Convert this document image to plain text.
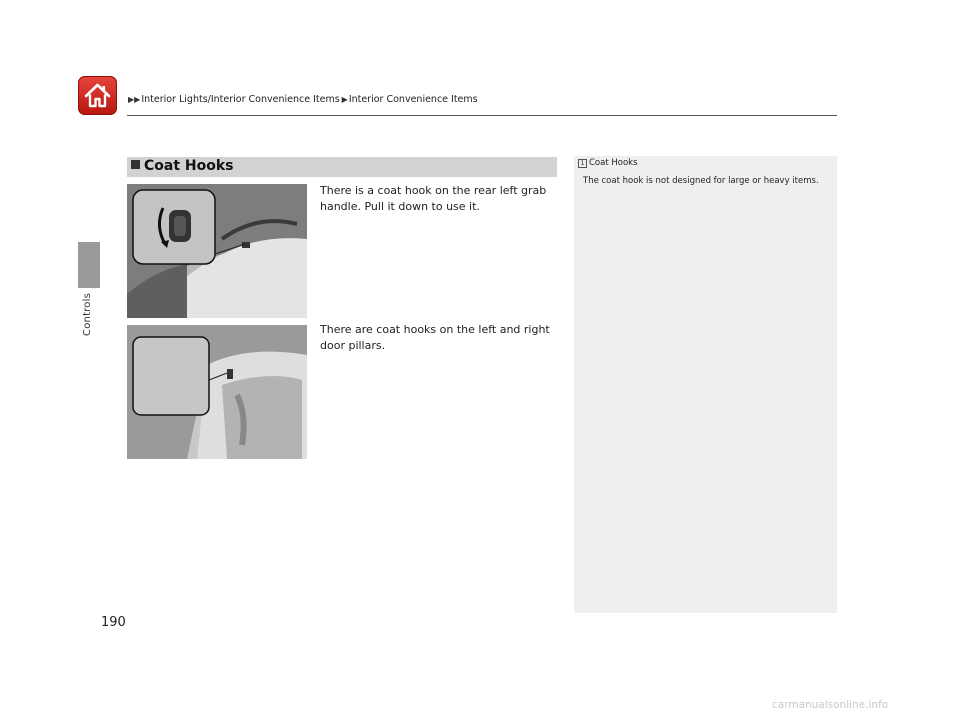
▶▶ Interior Lights/Interior Convenience Items ▶ Interior Convenience Items
Controls
Coat Hooks
There is a coat hook on the rear left grab handle. Pull it down to use it.
There are coat hooks on the left and right door pillars.
1 Coat Hooks
The coat hook is not designed for large or heavy items.
190
carmanualsonline.info
